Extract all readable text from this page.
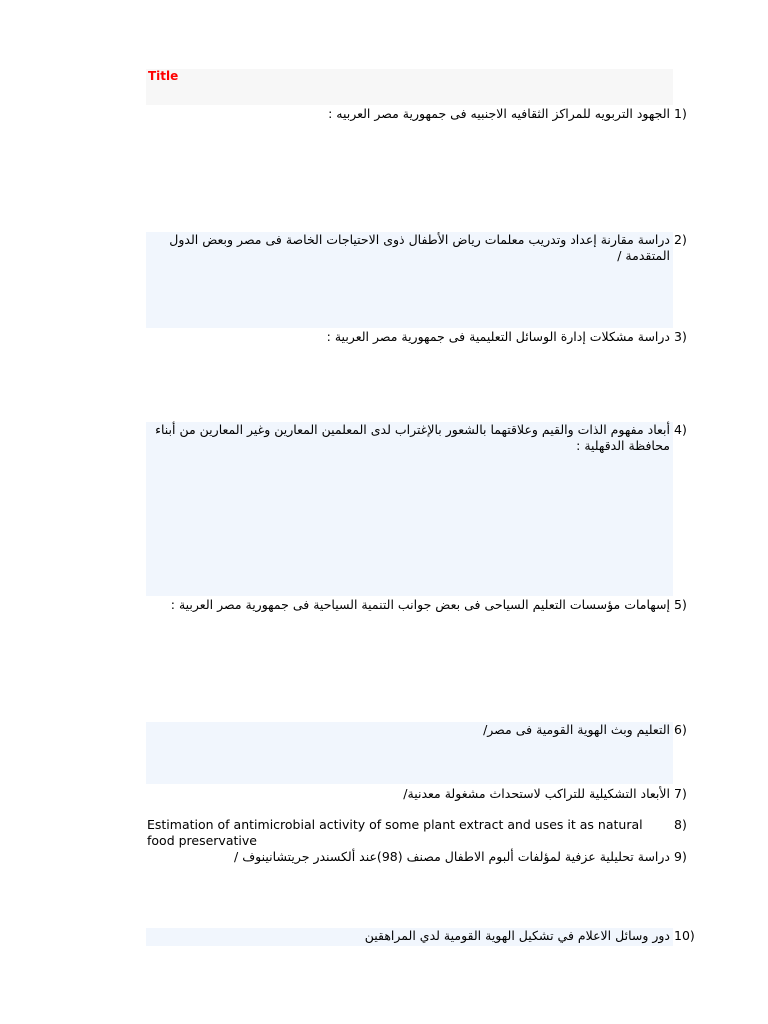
Title
1)
الجهود التربويه للمراكز الثقافيه الاجنبيه فى جمهورية مصر العربيه :
2)
دراسة مقارنة إعداد وتدريب معلمات رياض الأطفال ذوى الاحتياجات الخاصة فى مصر وبعض الدول المتقدمة /
3)
دراسة مشكلات إدارة الوسائل التعليمية فى جمهورية مصر العربية :
4)
أبعاد مفهوم الذات والقيم وعلاقتهما بالشعور بالإغتراب لدى المعلمين المعارين وغير المعارين من أبناء محافظة الدقهلية :
5)
إسهامات مؤسسات التعليم السياحى فى بعض جوانب التنمية السياحية فى جمهورية مصر العربية :
6)
التعليم وبث الهوية القومية فى مصر/
7)
الأبعاد التشكيلية للتراكب لاستحداث مشغولة معدنية/
8)
Estimation of antimicrobial activity of some plant extract and uses it as natural food preservative
9)
دراسة تحليلية عزفية لمؤلفات ألبوم الاطفال مصنف (98)عند ألكسندر جريتشانينوف /
10)
دور وسائل الاعلام في تشكيل الهوية القومية لدي المراهقين
